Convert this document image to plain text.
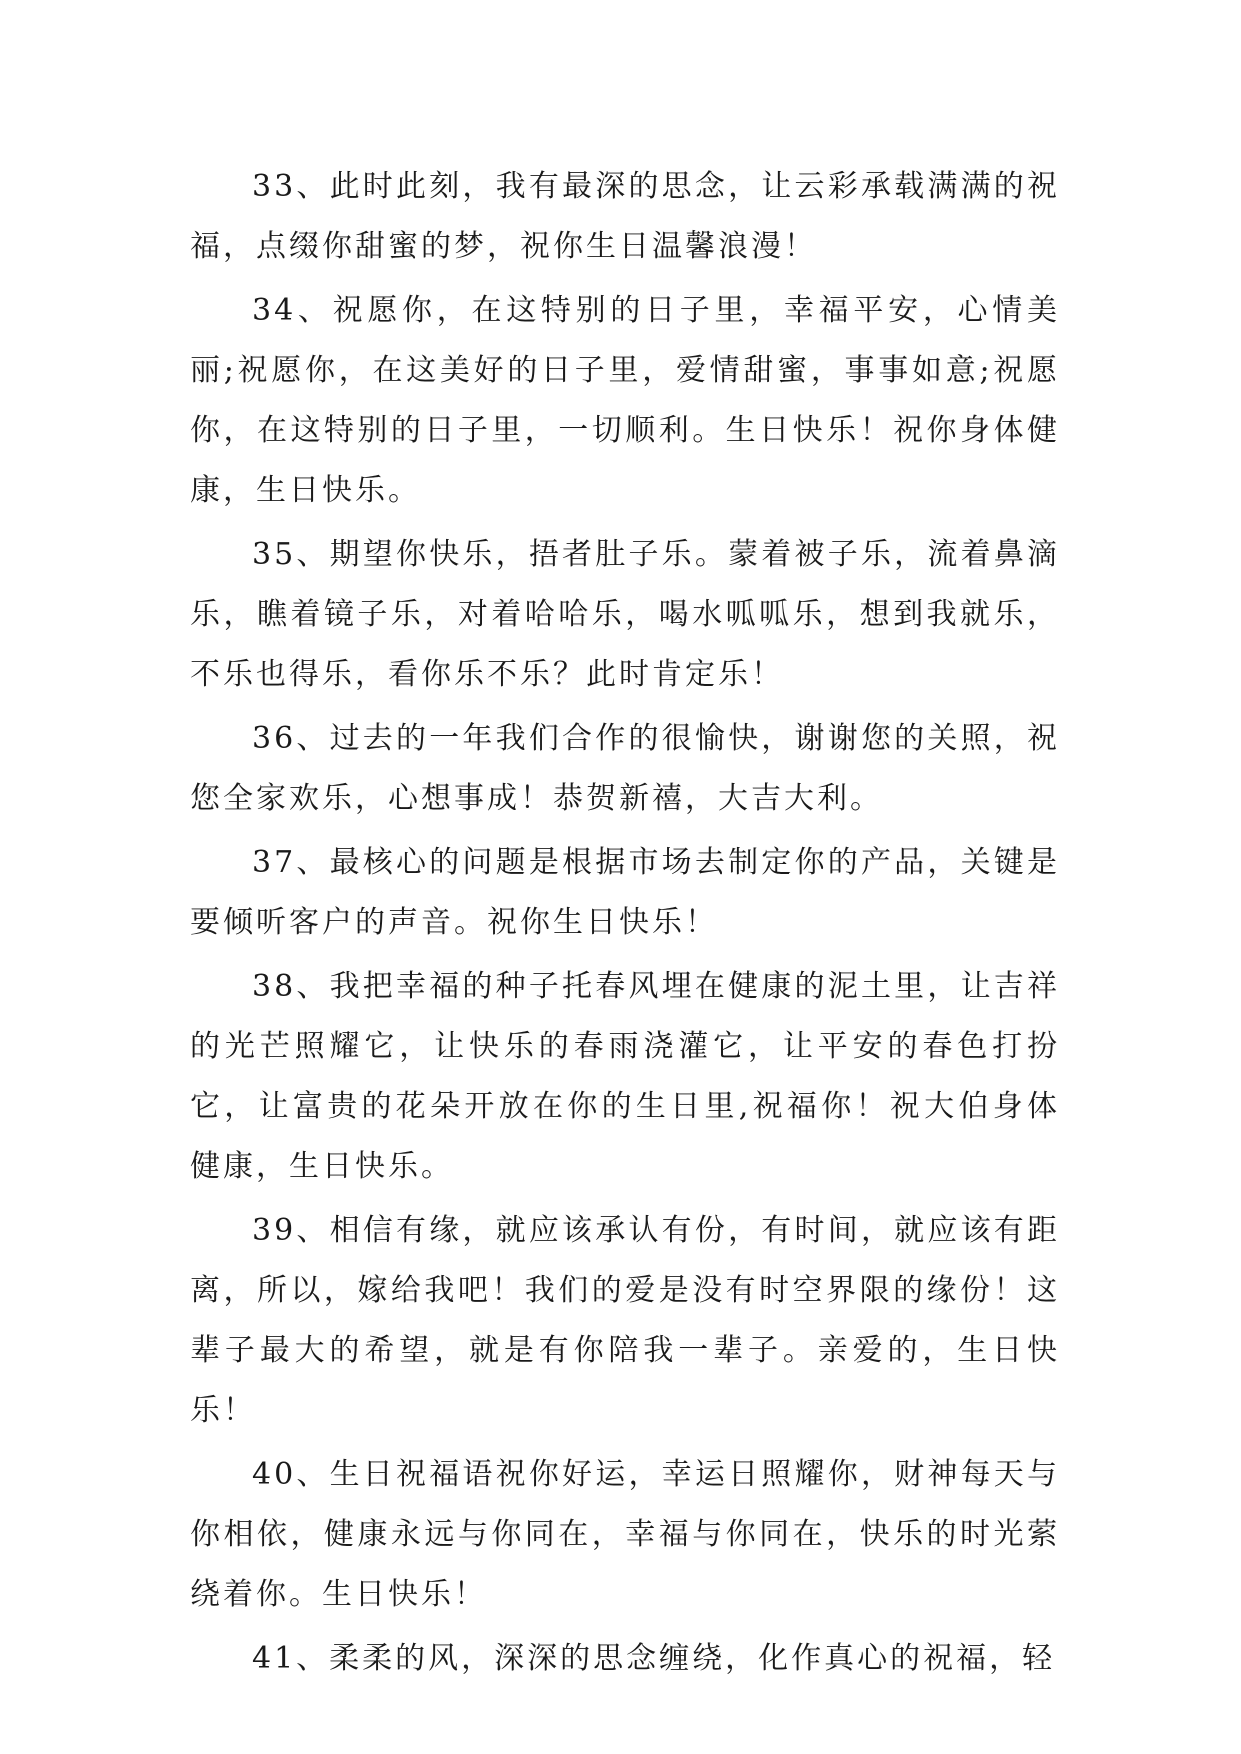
33、此时此刻，我有最深的思念，让云彩承载满满的祝福，点缀你甜蜜的梦，祝你生日温馨浪漫！

34、祝愿你，在这特别的日子里，幸福平安，心情美丽;祝愿你，在这美好的日子里，爱情甜蜜，事事如意;祝愿你，在这特别的日子里，一切顺利。生日快乐！祝你身体健康，生日快乐。

35、期望你快乐，捂者肚子乐。蒙着被子乐，流着鼻滴乐，瞧着镜子乐，对着哈哈乐，喝水呱呱乐，想到我就乐，不乐也得乐，看你乐不乐？此时肯定乐！

36、过去的一年我们合作的很愉快，谢谢您的关照，祝您全家欢乐，心想事成！恭贺新禧，大吉大利。

37、最核心的问题是根据市场去制定你的产品，关键是要倾听客户的声音。祝你生日快乐！

38、我把幸福的种子托春风埋在健康的泥土里，让吉祥的光芒照耀它，让快乐的春雨浇灌它，让平安的春色打扮它，让富贵的花朵开放在你的生日里,祝福你！祝大伯身体健康，生日快乐。

39、相信有缘，就应该承认有份，有时间，就应该有距离，所以，嫁给我吧！我们的爱是没有时空界限的缘份！这辈子最大的希望，就是有你陪我一辈子。亲爱的，生日快乐！

40、生日祝福语祝你好运，幸运日照耀你，财神每天与你相依，健康永远与你同在，幸福与你同在，快乐的时光萦绕着你。生日快乐！

41、柔柔的风，深深的思念缠绕，化作真心的祝福，轻
